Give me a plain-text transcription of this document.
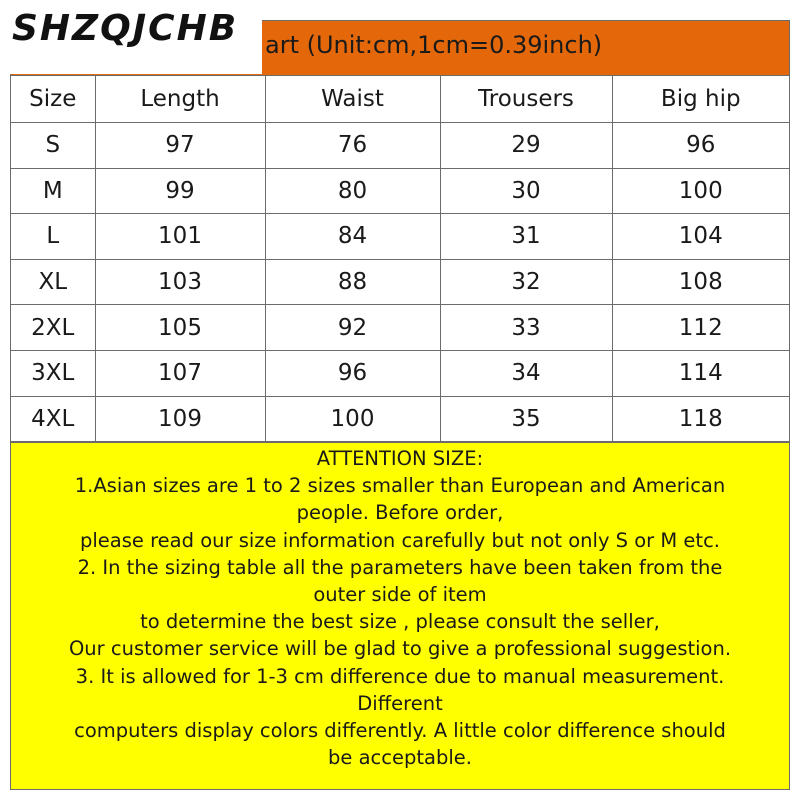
art (Unit:cm,1cm=0.39inch)
Size	Length	Waist	Trousers	Big hip
S	97	76	29	96
M	99	80	30	100
L	101	84	31	104
XL	103	88	32	108
2XL	105	92	33	112
3XL	107	96	34	114
4XL	109	100	35	118
ATTENTION SIZE:
1.Asian sizes are 1 to 2 sizes smaller than European and American
people. Before order,
please read our size information carefully but not only S or M etc.
2. In the sizing table all the parameters have been taken from the
outer side of item
to determine the best size , please consult the seller,
Our customer service will be glad to give a professional suggestion.
3. It is allowed for 1-3 cm difference due to manual measurement.
Different
computers display colors differently. A little color difference should
be acceptable.
SHZQJCHB
